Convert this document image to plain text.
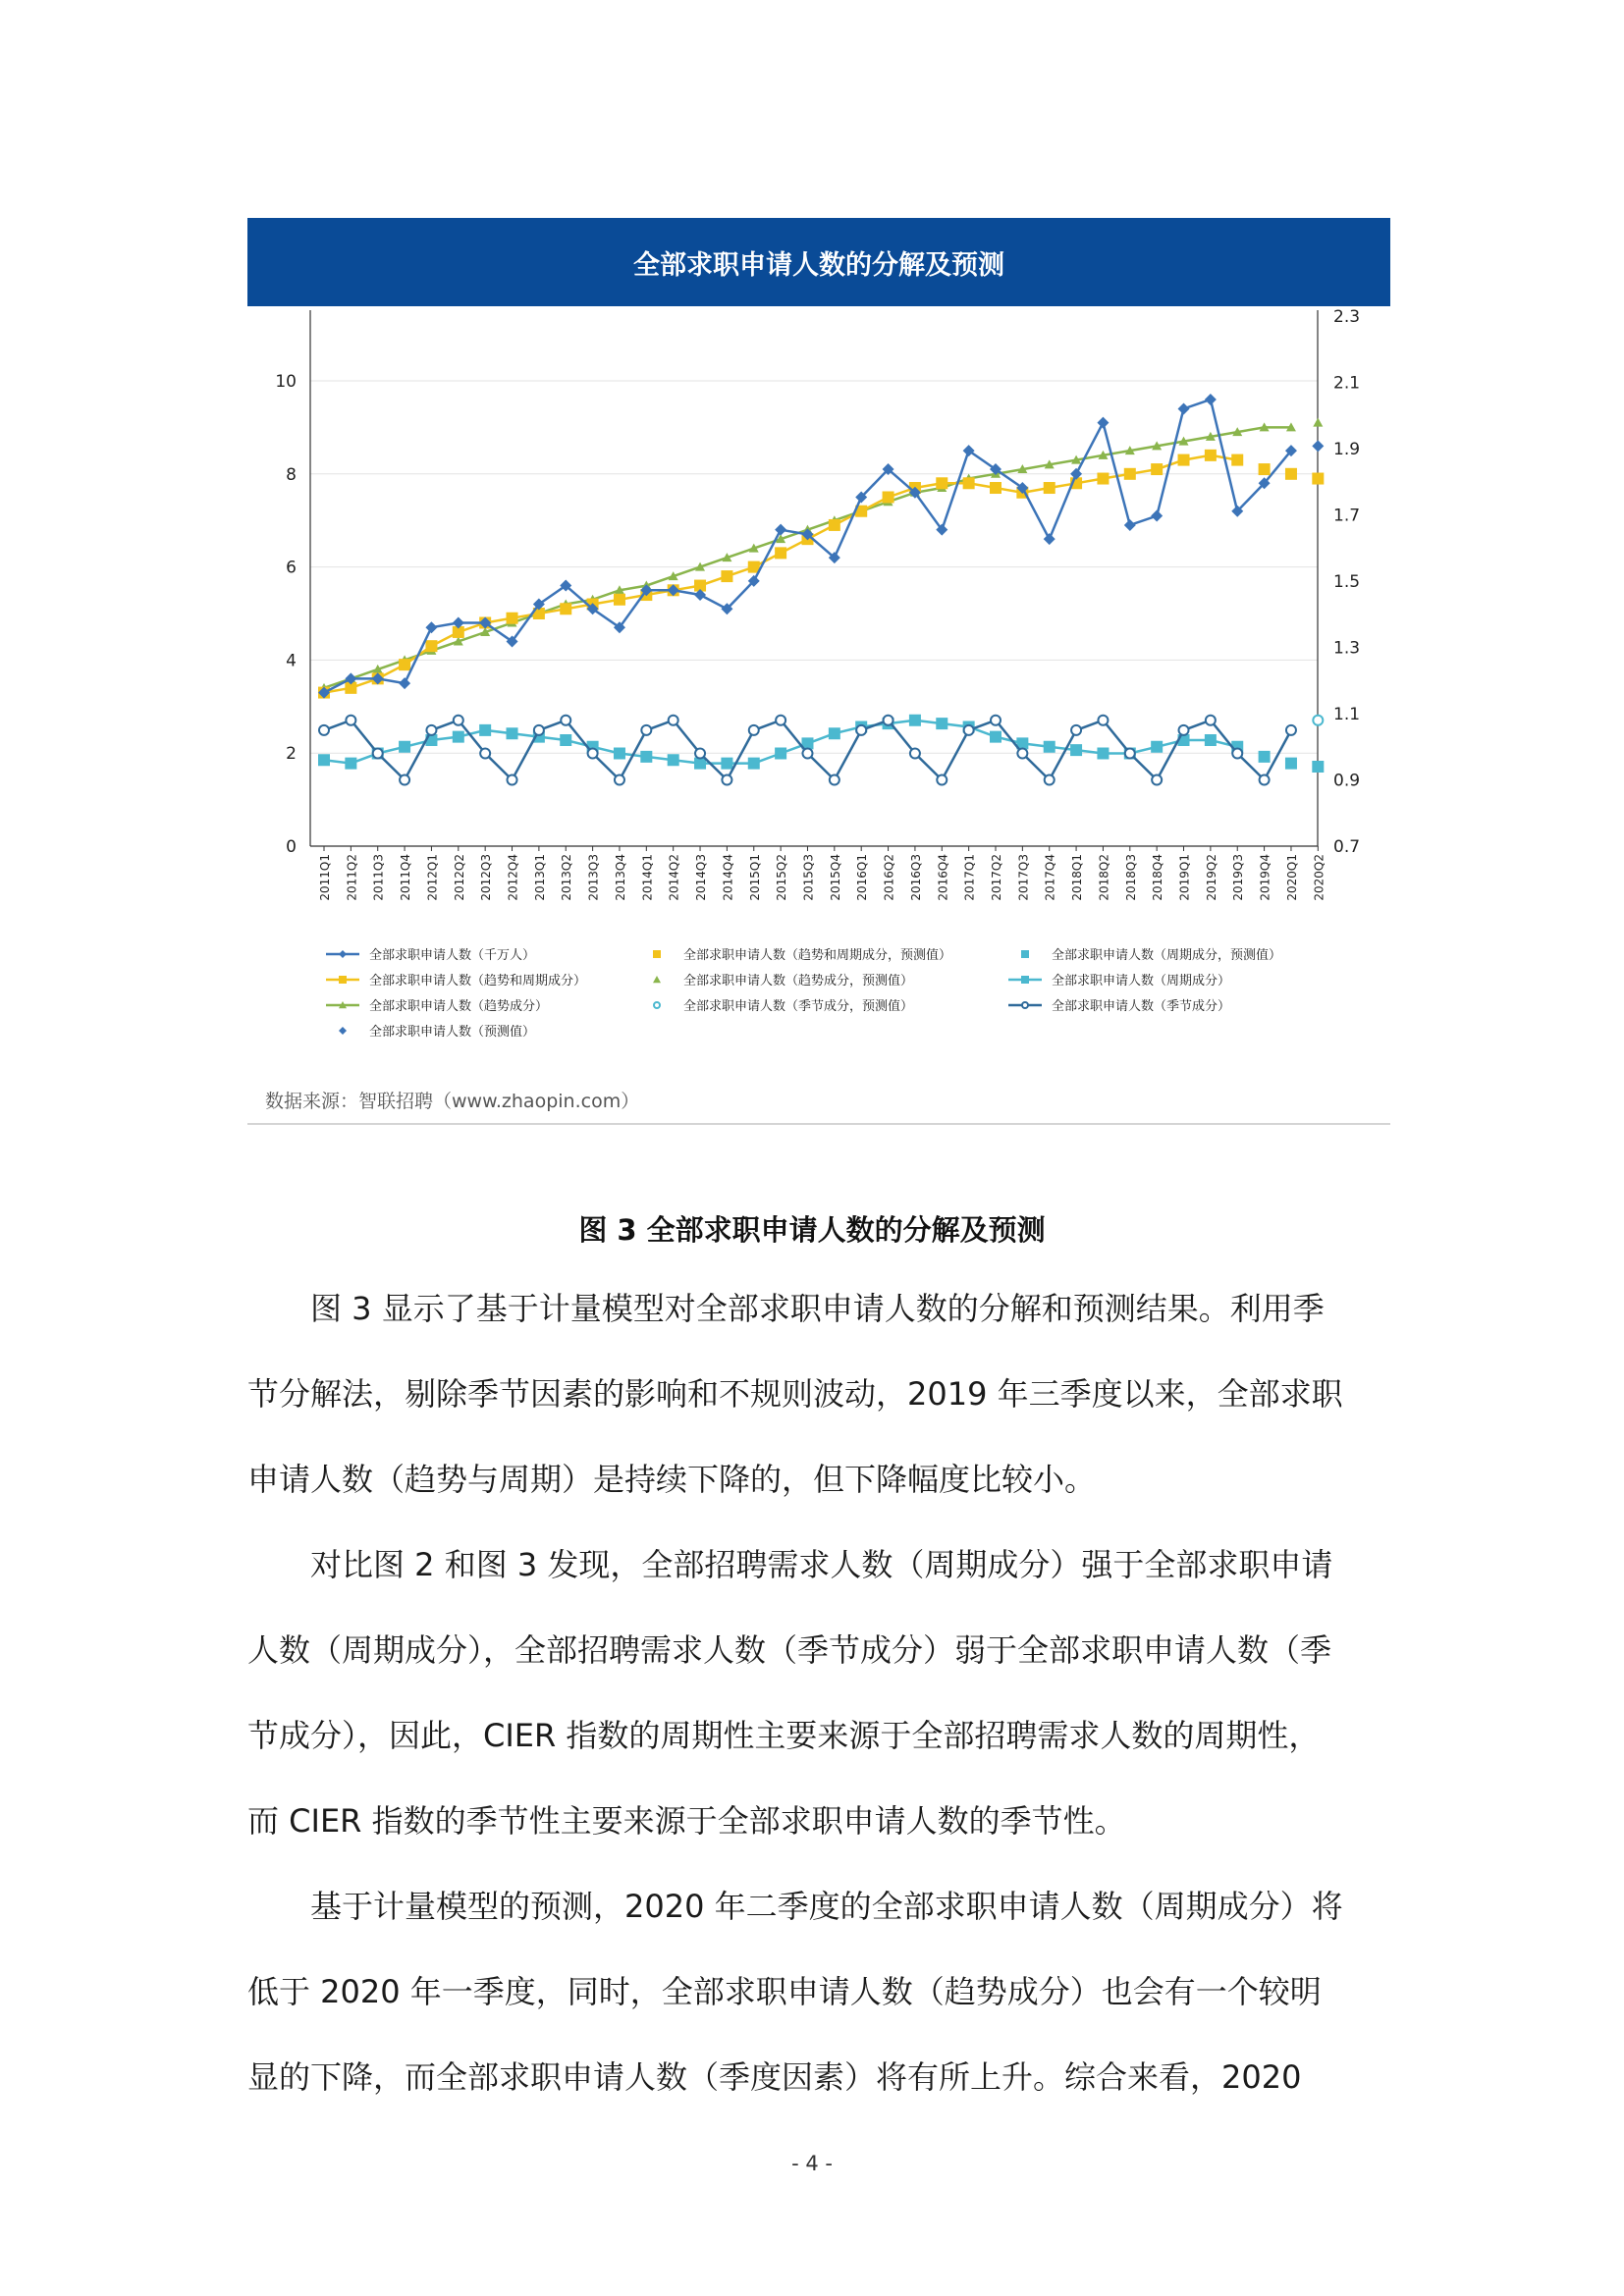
全部求职申请人数的分解及预测
0
2
4
6
8
10
0.7
0.9
1.1
1.3
1.5
1.7
1.9
2.1
2.3
2011Q1 2011Q2 2011Q3 2011Q4 2012Q1 2012Q2 2012Q3 2012Q4 2013Q1 2013Q2 2013Q3 2013Q4 2014Q1 2014Q2 2014Q3 2014Q4 2015Q1 2015Q2 2015Q3 2015Q4 2016Q1 2016Q2 2016Q3 2016Q4 2017Q1 2017Q2 2017Q3 2017Q4 2018Q1 2018Q2 2018Q3 2018Q4 2019Q1 2019Q2 2019Q3 2019Q4 2020Q1 2020Q2
全部求职申请人数（千万人）	全部求职申请人数（趋势和周期成分，预测值）	全部求职申请人数（周期成分，预测值）
全部求职申请人数（趋势和周期成分）	全部求职申请人数（趋势成分，预测值）	全部求职申请人数（周期成分）
全部求职申请人数（趋势成分）	全部求职申请人数（季节成分，预测值）	全部求职申请人数（季节成分）
全部求职申请人数（预测值）
数据来源：智联招聘（www.zhaopin.com）
图 3 全部求职申请人数的分解及预测
图 3 显示了基于计量模型对全部求职申请人数的分解和预测结果。利用季
节分解法，剔除季节因素的影响和不规则波动，2019 年三季度以来，全部求职
申请人数（趋势与周期）是持续下降的，但下降幅度比较小。
对比图 2 和图 3 发现，全部招聘需求人数（周期成分）强于全部求职申请
人数（周期成分），全部招聘需求人数（季节成分）弱于全部求职申请人数（季
节成分），因此，CIER 指数的周期性主要来源于全部招聘需求人数的周期性，
而 CIER 指数的季节性主要来源于全部求职申请人数的季节性。
基于计量模型的预测，2020 年二季度的全部求职申请人数（周期成分）将
低于 2020 年一季度，同时，全部求职申请人数（趋势成分）也会有一个较明
显的下降，而全部求职申请人数（季度因素）将有所上升。综合来看，2020
- 4 -
